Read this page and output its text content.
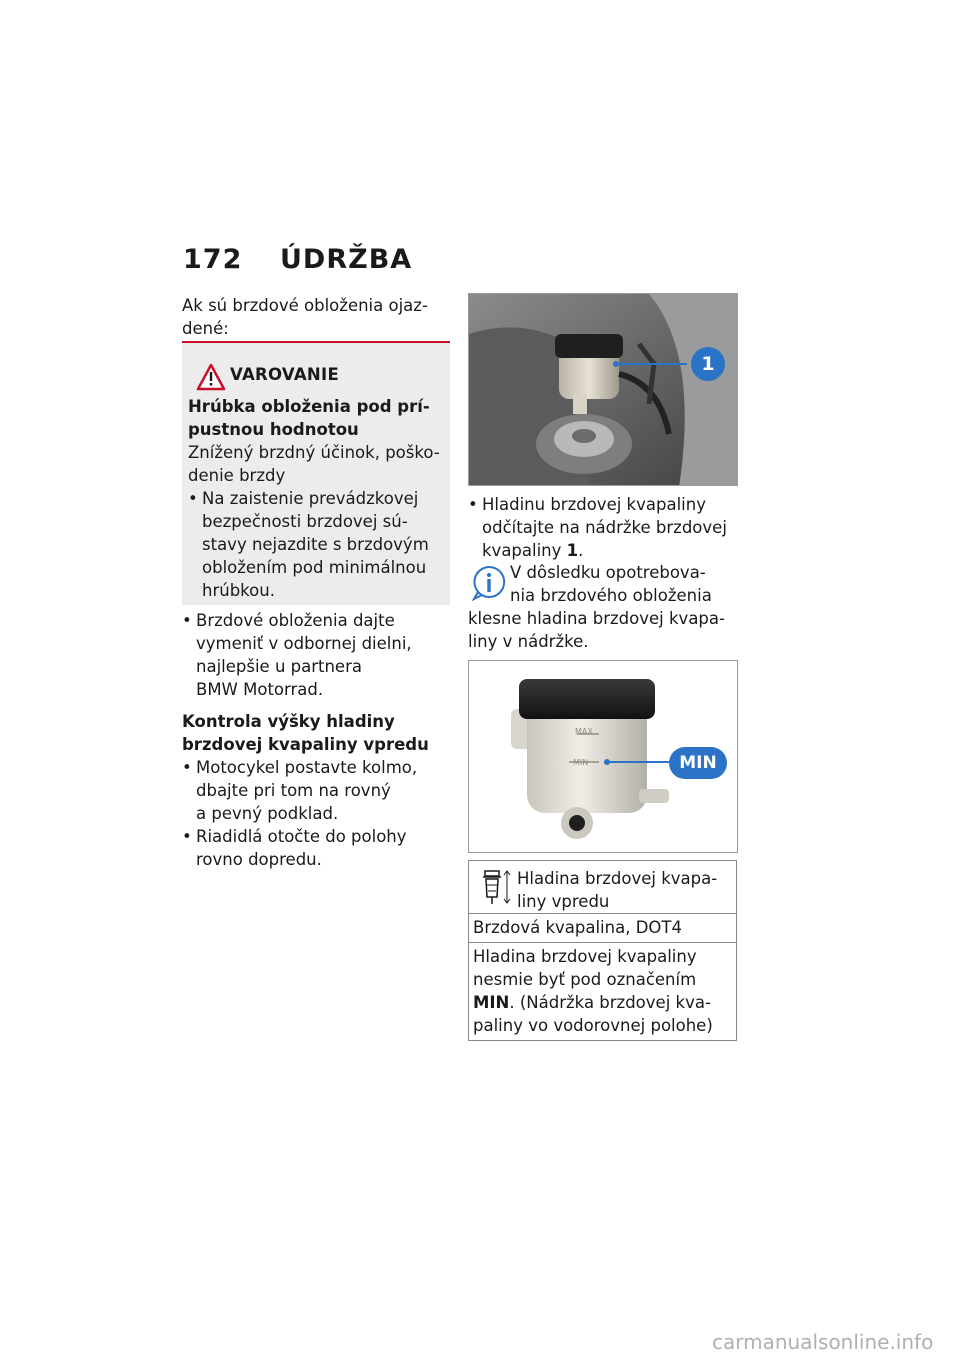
172 ÚDRŽBA
Ak sú brzdové obloženia ojaz-
dené:
VAROVANIE
Hrúbka obloženia pod prí-
pustnou hodnotou
Znížený brzdný účinok, poško-
denie brzdy
• Na zaistenie prevádzkovej
bezpečnosti brzdovej sú-
stavy nejazdite s brzdovým
obložením pod minimálnou
hrúbkou.
• Brzdové obloženia dajte
vymeniť v odbornej dielni,
najlepšie u partnera
BMW Motorrad.
Kontrola výšky hladiny
brzdovej kvapaliny vpredu
• Motocykel postavte kolmo,
dbajte pri tom na rovný
a pevný podklad.
• Riadidlá otočte do polohy
rovno dopredu.
1
• Hladinu brzdovej kvapaliny
odčítajte na nádržke brzdovej
kvapaliny 1.
V dôsledku opotrebova-
nia brzdového obloženia
klesne hladina brzdovej kvapa-
liny v nádržke.
MAX
MIN	MIN
Hladina brzdovej kvapa-
liny vpredu
Brzdová kvapalina, DOT4
Hladina brzdovej kvapaliny
nesmie byť pod označením
MIN. (Nádržka brzdovej kva-
paliny vo vodorovnej polohe)
carmanualsonline.info
